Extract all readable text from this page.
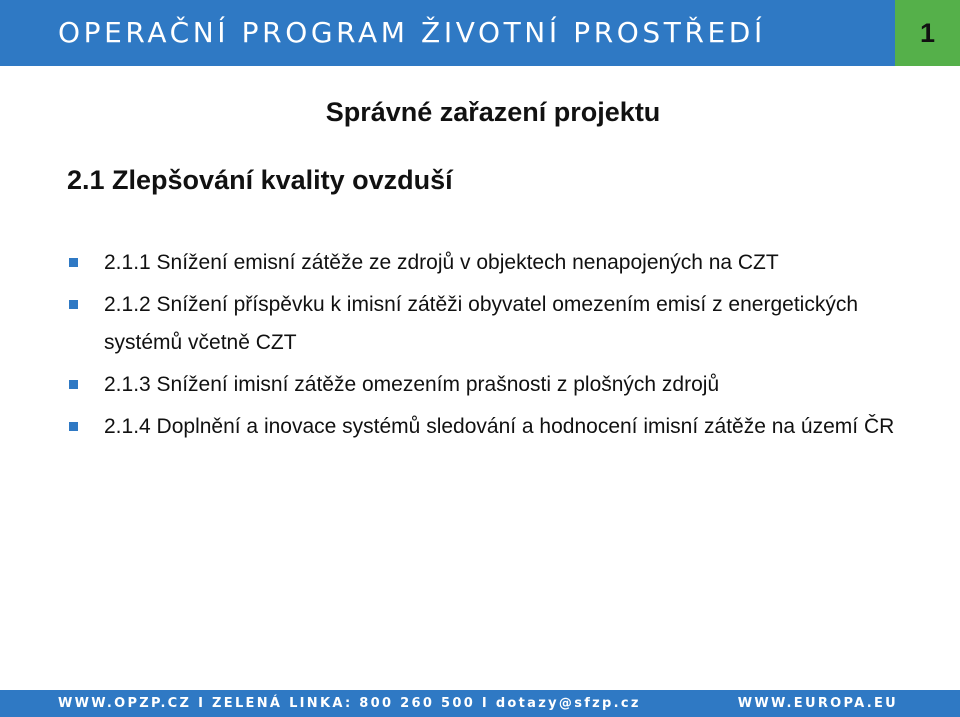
OPERAČNÍ PROGRAM ŽIVOTNÍ PROSTŘEDÍ	1
Správné zařazení projektu
2.1 Zlepšování kvality ovzduší
2.1.1 Snížení emisní zátěže ze zdrojů v objektech nenapojených na CZT
2.1.2 Snížení příspěvku k imisní zátěži obyvatel omezením emisí z energetických systémů včetně CZT
2.1.3 Snížení imisní zátěže omezením prašnosti z plošných zdrojů
2.1.4 Doplnění a inovace systémů sledování a hodnocení imisní zátěže na území ČR
WWW.OPZP.CZ I ZELENÁ LINKA: 800 260 500 I dotazy@sfzp.cz	WWW.EUROPA.EU
